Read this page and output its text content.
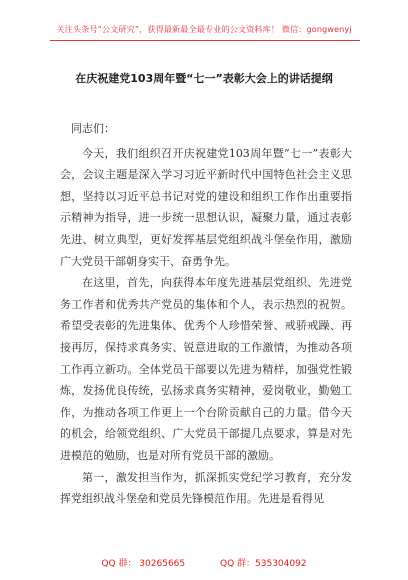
关注头条号“公文研究”，获得最新最全最专业的公文资料库！ 微信：gongwenyj
在庆祝建党103周年暨“七一”表彰大会上的讲话提纲

同志们：

今天，我们组织召开庆祝建党103周年暨“七一”表彰大会，会议主题是深入学习习近平新时代中国特色社会主义思想，坚持以习近平总书记对党的建设和组织工作作出重要指示精神为指导，进一步统一思想认识，凝聚力量，通过表彰先进、树立典型，更好发挥基层党组织战斗堡垒作用，激励广大党员干部朝身实干、奋勇争先。

在这里，首先，向获得本年度先进基层党组织、先进党务工作者和优秀共产党员的集体和个人，表示热烈的祝贺。希望受表彰的先进集体、优秀个人珍惜荣誉、戒骄戒躁、再接再厉，保持求真务实、锐意进取的工作激情，为推动各项工作再立新功。全体党员干部要以先进为精样，加强党性锻炼，发扬优良传统，弘扬求真务实精神，爱岗敬业，勤勉工作，为推动各项工作更上一个台阶贡献自己的力量。借今天的机会，给领党组织、广大党员干部提几点要求，算是对先进模范的勉励，也是对所有党员干部的激励。

第一，激发担当作为，抓深抓实党纪学习教育，充分发挥党组织战斗堡垒和党员先锋模范作用。先进是看得见

QQ 群： 30265665	QQ 群：535304092
